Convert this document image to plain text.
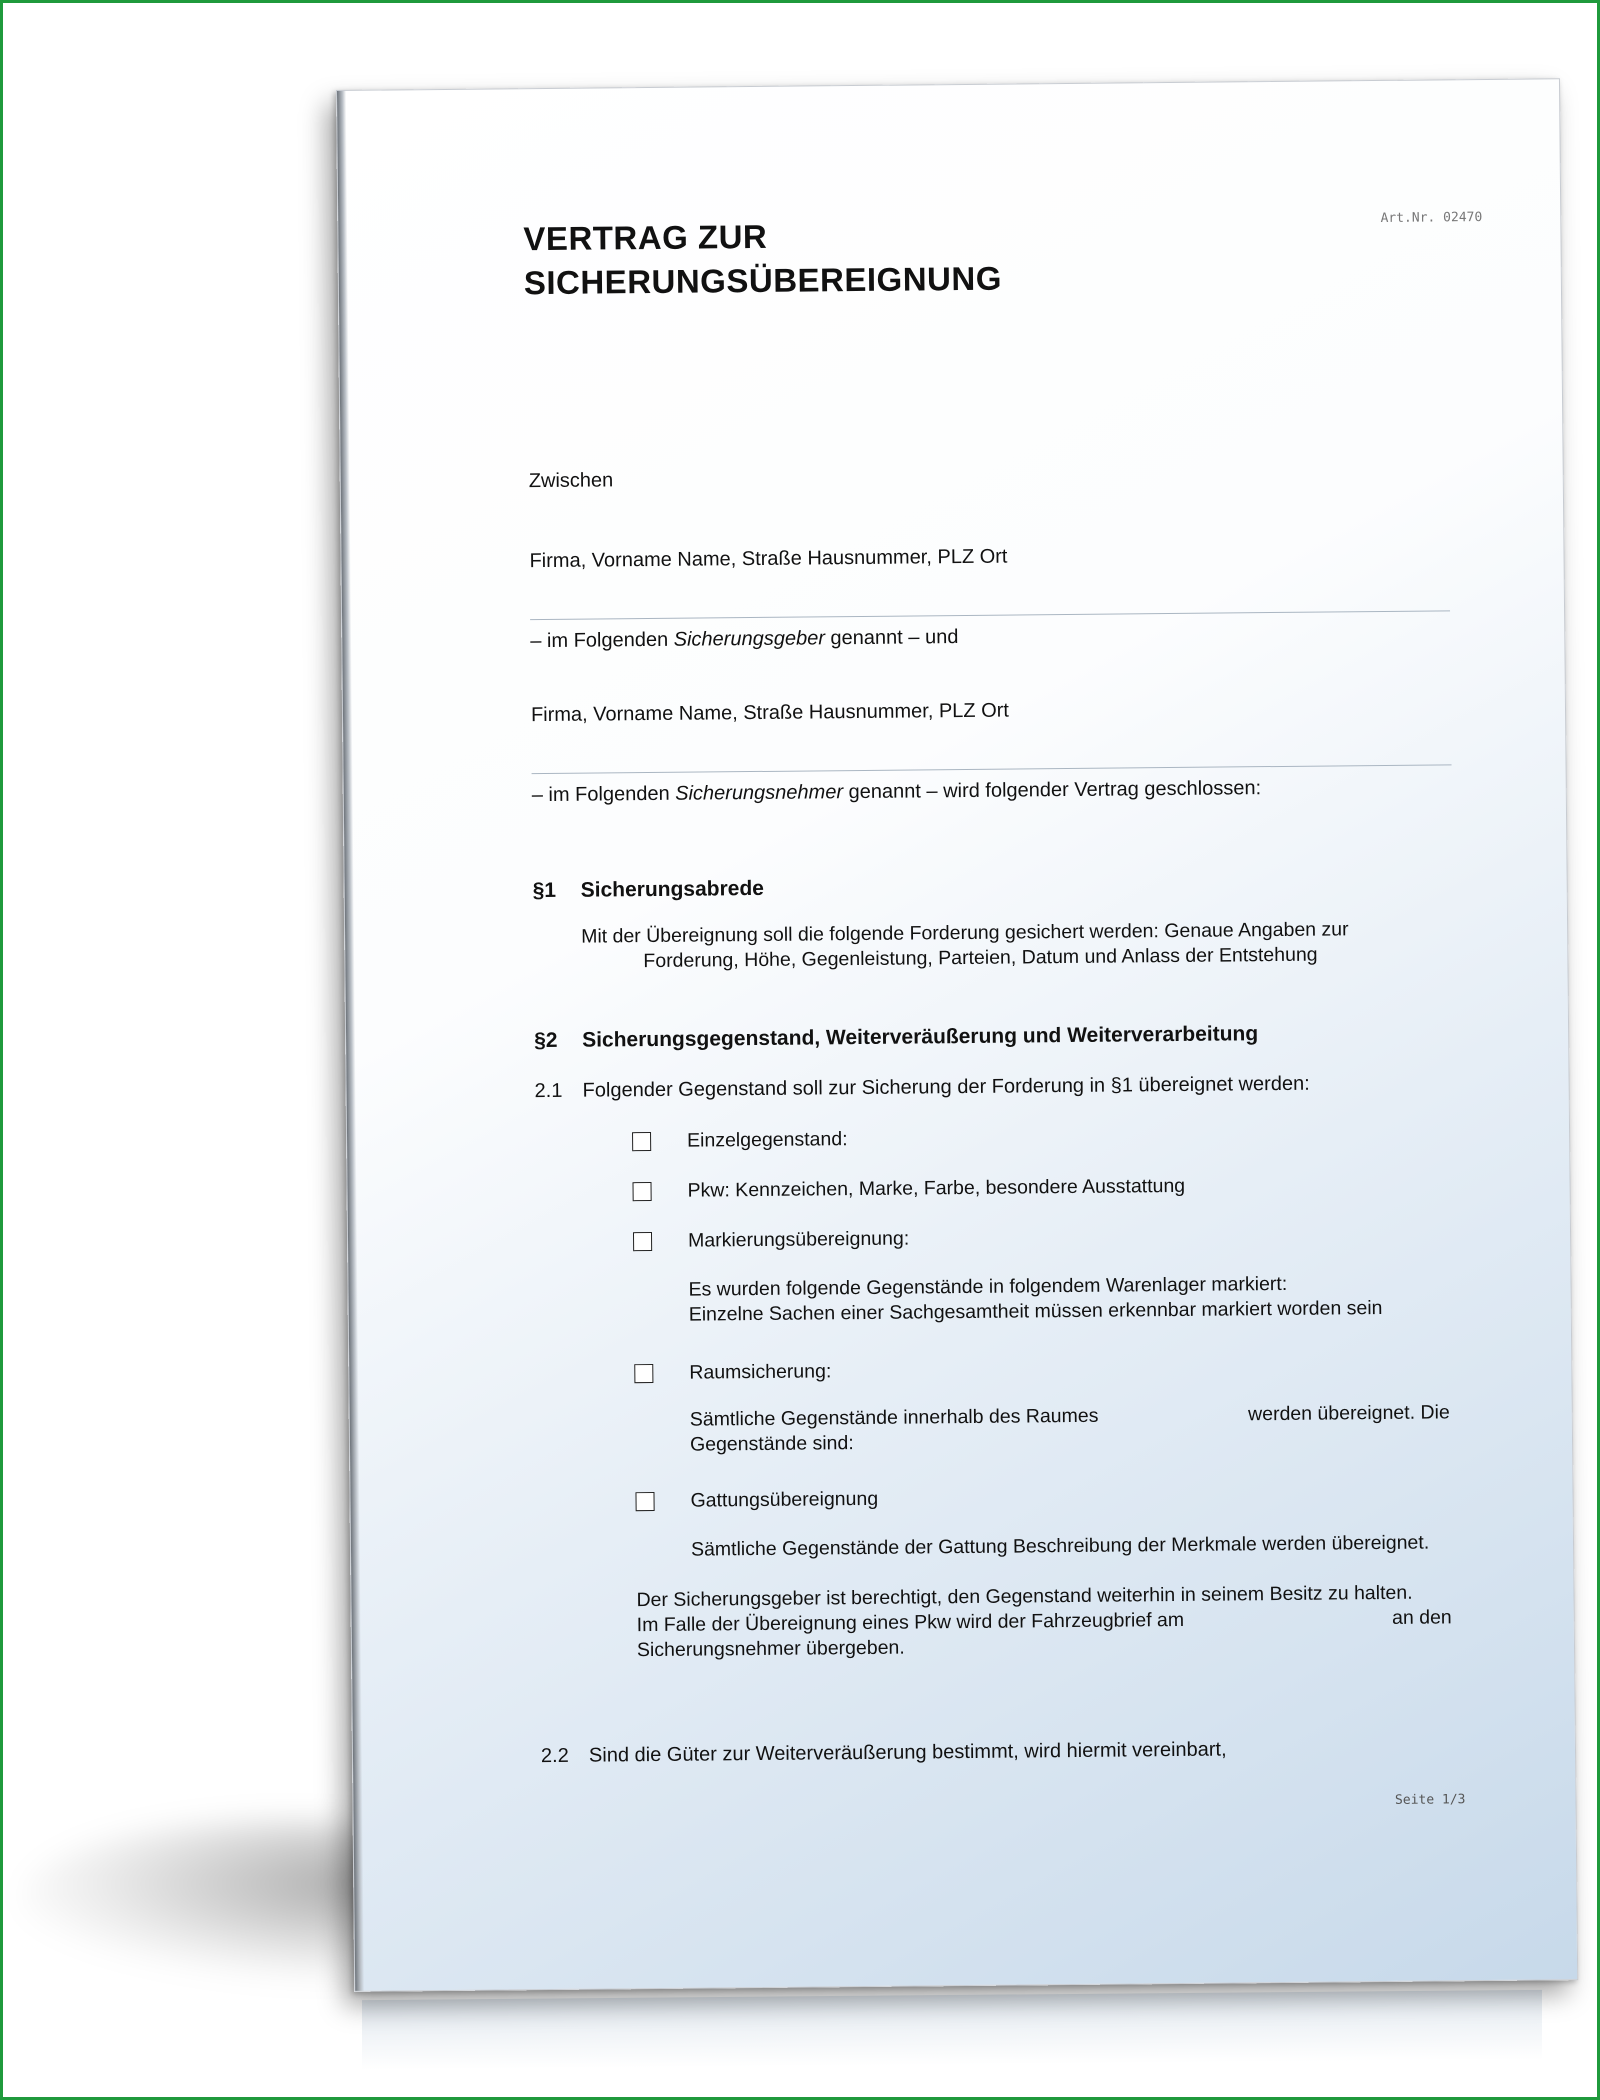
VERTRAG ZUR
SICHERUNGSÜBEREIGNUNG
Art.Nr. 02470
Zwischen
Firma, Vorname Name, Straße Hausnummer, PLZ Ort
– im Folgenden Sicherungsgeber genannt – und
Firma, Vorname Name, Straße Hausnummer, PLZ Ort
– im Folgenden Sicherungsnehmer genannt – wird folgender Vertrag geschlossen:
§1 Sicherungsabrede
Mit der Übereignung soll die folgende Forderung gesichert werden: Genaue Angaben zur
Forderung, Höhe, Gegenleistung, Parteien, Datum und Anlass der Entstehung
§2 Sicherungsgegenstand, Weiterveräußerung und Weiterverarbeitung
2.1 Folgender Gegenstand soll zur Sicherung der Forderung in §1 übereignet werden:
Einzelgegenstand:
Pkw: Kennzeichen, Marke, Farbe, besondere Ausstattung
Markierungsübereignung:
Es wurden folgende Gegenstände in folgendem Warenlager markiert:
Einzelne Sachen einer Sachgesamtheit müssen erkennbar markiert worden sein
Raumsicherung:
Sämtliche Gegenstände innerhalb des Raumes	werden übereignet. Die
Gegenstände sind:
Gattungsübereignung
Sämtliche Gegenstände der Gattung Beschreibung der Merkmale werden übereignet.
Der Sicherungsgeber ist berechtigt, den Gegenstand weiterhin in seinem Besitz zu halten.
Im Falle der Übereignung eines Pkw wird der Fahrzeugbrief am	an den
Sicherungsnehmer übergeben.
2.2 Sind die Güter zur Weiterveräußerung bestimmt, wird hiermit vereinbart,
Seite 1/3
